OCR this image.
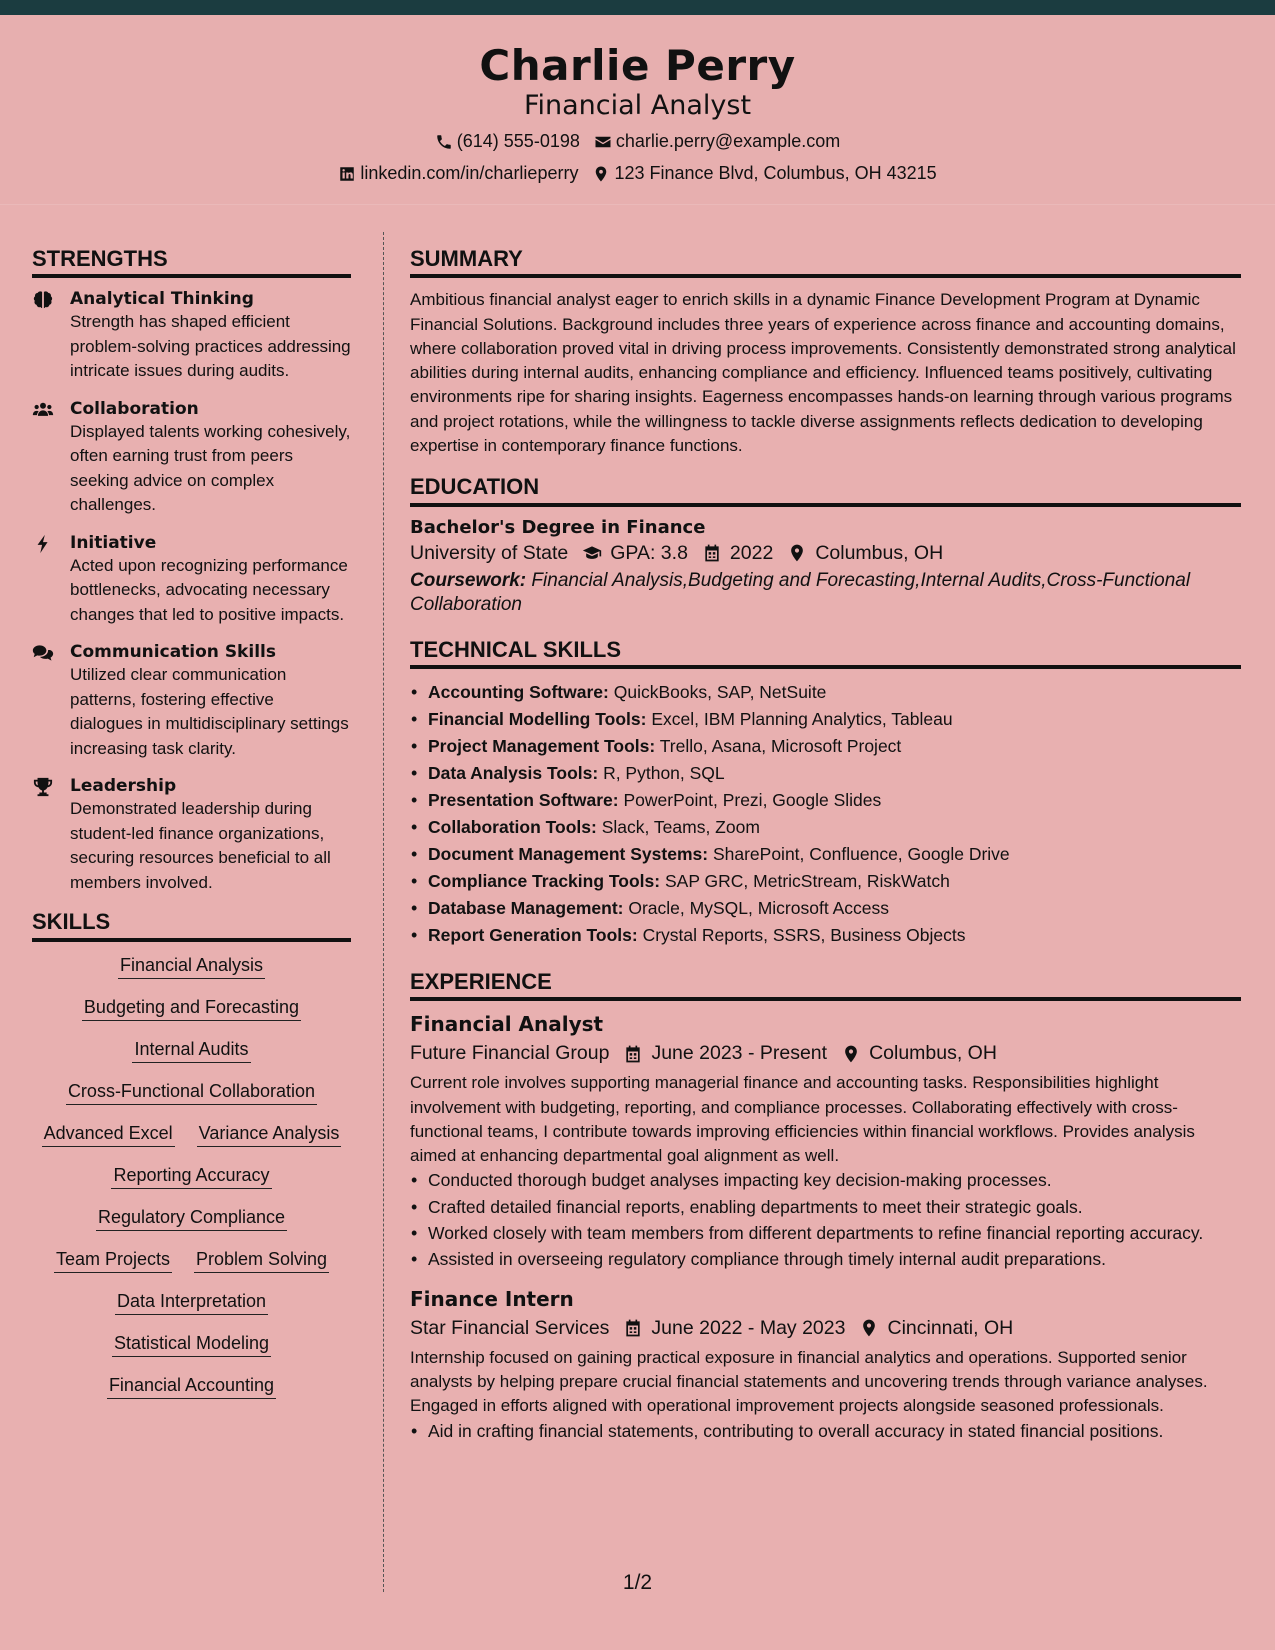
Charlie Perry
Financial Analyst
(614) 555-0198 charlie.perry@example.com
linkedin.com/in/charlieperry 123 Finance Blvd, Columbus, OH 43215
STRENGTHS
Analytical Thinking
Strength has shaped efficient problem-solving practices addressing intricate issues during audits.
Collaboration
Displayed talents working cohesively, often earning trust from peers seeking advice on complex challenges.
Initiative
Acted upon recognizing performance bottlenecks, advocating necessary changes that led to positive impacts.
Communication Skills
Utilized clear communication patterns, fostering effective dialogues in multidisciplinary settings increasing task clarity.
Leadership
Demonstrated leadership during student-led finance organizations, securing resources beneficial to all members involved.
SKILLS
Financial Analysis
Budgeting and Forecasting
Internal Audits
Cross-Functional Collaboration
Advanced Excel Variance Analysis
Reporting Accuracy
Regulatory Compliance
Team Projects Problem Solving
Data Interpretation
Statistical Modeling
Financial Accounting
SUMMARY

Ambitious financial analyst eager to enrich skills in a dynamic Finance Development Program at Dynamic Financial Solutions. Background includes three years of experience across finance and accounting domains, where collaboration proved vital in driving process improvements. Consistently demonstrated strong analytical abilities during internal audits, enhancing compliance and efficiency. Influenced teams positively, cultivating environments ripe for sharing insights. Eagerness encompasses hands-on learning through various programs and project rotations, while the willingness to tackle diverse assignments reflects dedication to developing expertise in contemporary finance functions.

EDUCATION
Bachelor's Degree in Finance
University of State GPA: 3.8 2022 Columbus, OH
Coursework: Financial Analysis,Budgeting and Forecasting,Internal Audits,Cross-Functional Collaboration
TECHNICAL SKILLS
• Accounting Software: QuickBooks, SAP, NetSuite
• Financial Modelling Tools: Excel, IBM Planning Analytics, Tableau
• Project Management Tools: Trello, Asana, Microsoft Project
• Data Analysis Tools: R, Python, SQL
• Presentation Software: PowerPoint, Prezi, Google Slides
• Collaboration Tools: Slack, Teams, Zoom
• Document Management Systems: SharePoint, Confluence, Google Drive
• Compliance Tracking Tools: SAP GRC, MetricStream, RiskWatch
• Database Management: Oracle, MySQL, Microsoft Access
• Report Generation Tools: Crystal Reports, SSRS, Business Objects
EXPERIENCE
Financial Analyst
Future Financial Group June 2023 - Present Columbus, OH

Current role involves supporting managerial finance and accounting tasks. Responsibilities highlight involvement with budgeting, reporting, and compliance processes. Collaborating effectively with cross-functional teams, I contribute towards improving efficiencies within financial workflows. Provides analysis aimed at enhancing departmental goal alignment as well.

• Conducted thorough budget analyses impacting key decision-making processes.
• Crafted detailed financial reports, enabling departments to meet their strategic goals.
• Worked closely with team members from different departments to refine financial reporting accuracy.
• Assisted in overseeing regulatory compliance through timely internal audit preparations.
Finance Intern
Star Financial Services June 2022 - May 2023 Cincinnati, OH

Internship focused on gaining practical exposure in financial analytics and operations. Supported senior analysts by helping prepare crucial financial statements and uncovering trends through variance analyses. Engaged in efforts aligned with operational improvement projects alongside seasoned professionals.

• Aid in crafting financial statements, contributing to overall accuracy in stated financial positions.
1/2
